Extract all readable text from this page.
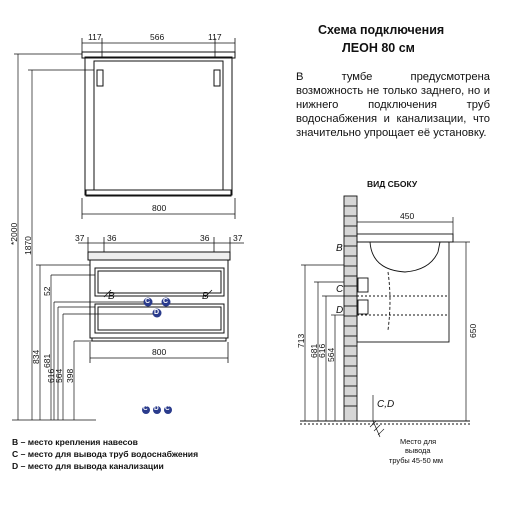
Схема подключения
ЛЕОН 80 см
В тумбе предусмотрена возможность не только заднего, но и нижнего подключения труб водоснабжения и канализации, что значительно упрощает её установку.
117	566	117
800
37	36	36	37
800
*2000
1870
834 681
616
564 398
52	B	B
C C
D
C D C
ВИД СБОКУ
450
650
713
681
616 564
B
C
D
C,D
Место для
вывода
трубы 45-50 мм
B – место крепления навесов
C – место для вывода труб водоснабжения
D – место для вывода канализации
